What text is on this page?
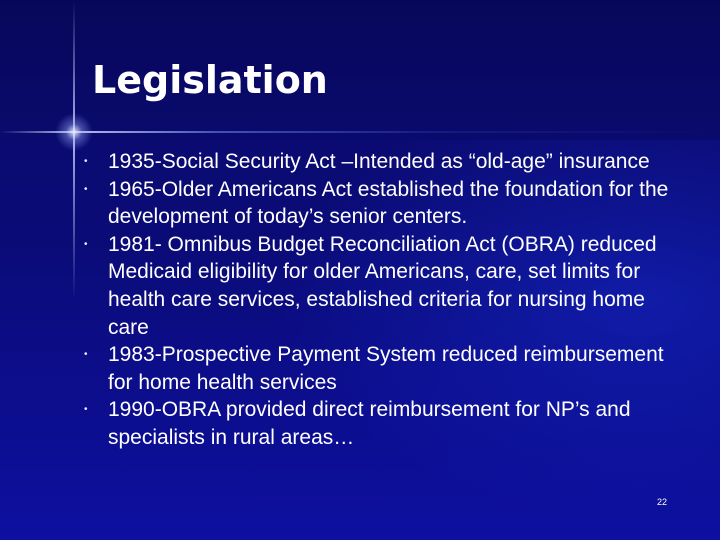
Legislation
• 1935-Social Security Act –Intended as “old-age” insurance
• 1965-Older Americans Act established the foundation for the development of today’s senior centers.
• 1981- Omnibus Budget Reconciliation Act (OBRA) reduced Medicaid eligibility for older Americans, care, set limits for health care services, established criteria for nursing home care
• 1983-Prospective Payment System reduced reimbursement for home health services
• 1990-OBRA provided direct reimbursement for NP’s and specialists in rural areas…
22
